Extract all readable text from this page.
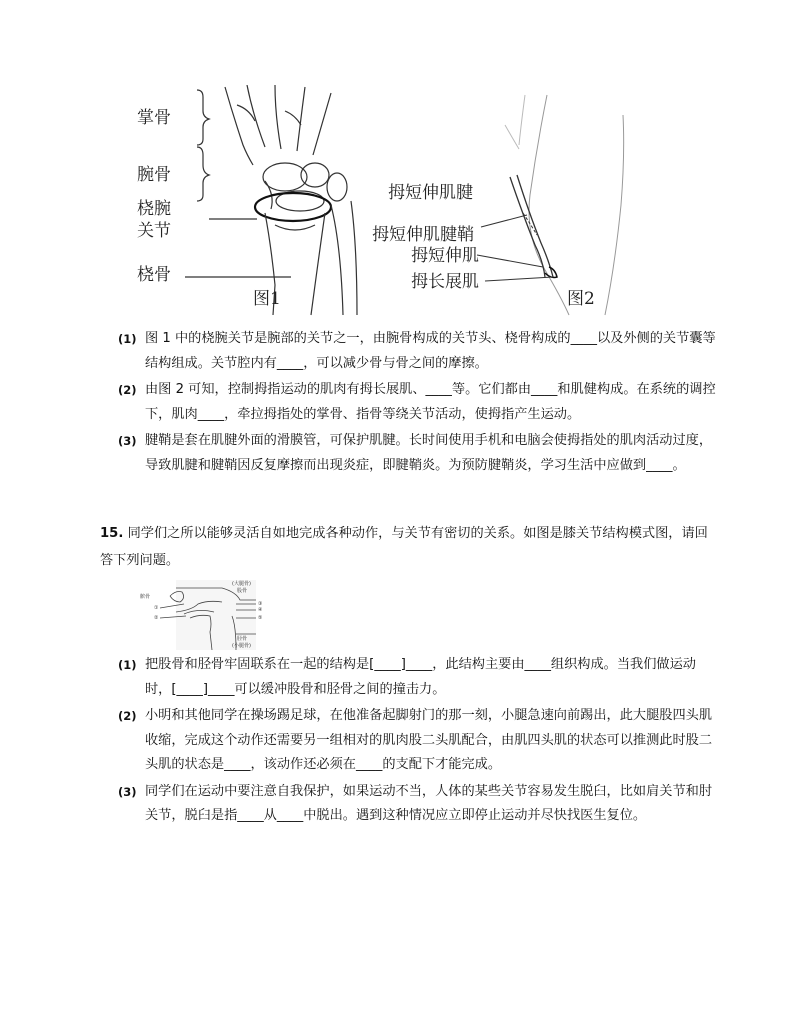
掌骨
腕骨
桡腕
关节
桡骨
图1
拇短伸肌腱
拇短伸肌腱鞘
拇短伸肌
拇长展肌
图2
(1) 图 1 中的桡腕关节是腕部的关节之一，由腕骨构成的关节头、桡骨构成的____以及外侧的关节囊等结构组成。关节腔内有____，可以减少骨与骨之间的摩擦。
(2) 由图 2 可知，控制拇指运动的肌肉有拇长展肌、____等。它们都由____和肌健构成。在系统的调控下，肌肉____，牵拉拇指处的掌骨、指骨等绕关节活动，使拇指产生运动。
(3) 腱鞘是套在肌腱外面的滑膜管，可保护肌腱。长时间使用手机和电脑会使拇指处的肌肉活动过度，导致肌腱和腱鞘因反复摩擦而出现炎症，即腱鞘炎。为预防腱鞘炎，学习生活中应做到____。
15. 同学们之所以能够灵活自如地完成各种动作，与关节有密切的关系。如图是膝关节结构模式图，请回答下列问题。
(大腿骨)
股骨
髌骨
①
②
③
④
⑤
胫骨
(小腿骨)
(1) 把股骨和胫骨牢固联系在一起的结构是[____]____，此结构主要由____组织构成。当我们做运动时，[____]____可以缓冲股骨和胫骨之间的撞击力。
(2) 小明和其他同学在操场踢足球，在他准备起脚射门的那一刻，小腿急速向前踢出，此大腿股四头肌收缩，完成这个动作还需要另一组相对的肌肉股二头肌配合，由肌四头肌的状态可以推测此时股二头肌的状态是____，该动作还必须在____的支配下才能完成。
(3) 同学们在运动中要注意自我保护，如果运动不当，人体的某些关节容易发生脱臼，比如肩关节和肘关节，脱臼是指____从____中脱出。遇到这种情况应立即停止运动并尽快找医生复位。
